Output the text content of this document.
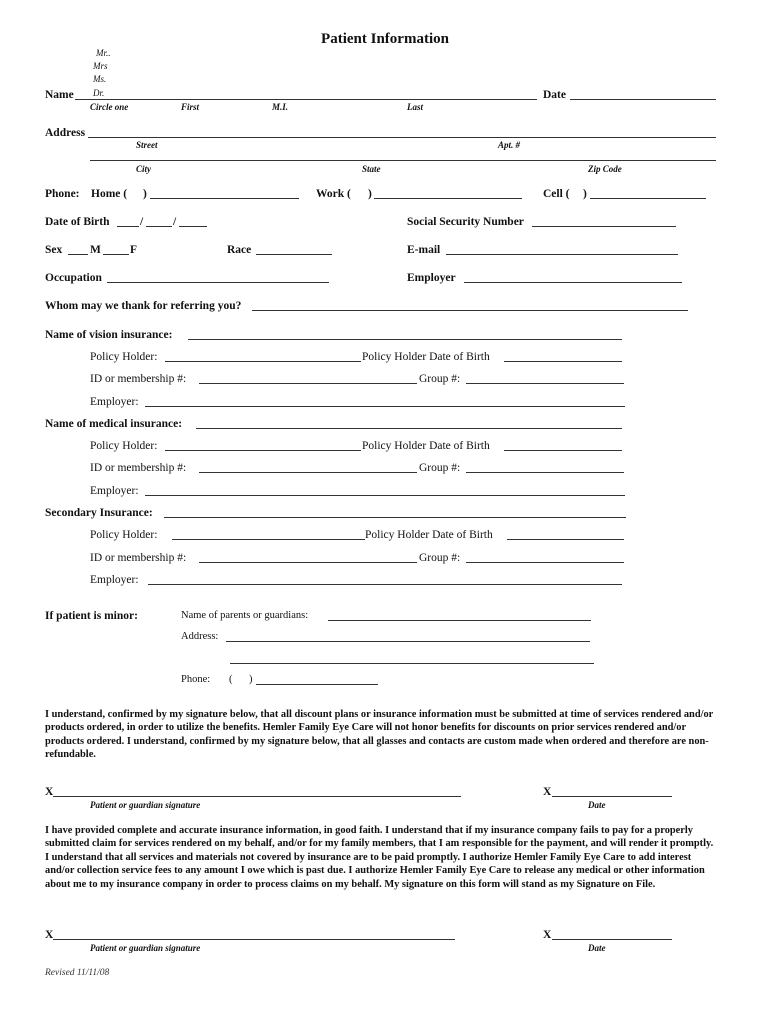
Patient Information
Mr..
Mrs
Ms.
Dr.
Name	Date
Circle one	First	M.I.	Last
Address
Street	Apt. #
City	State	Zip Code
Phone: Home ( )	Work ( )	Cell ( )
Date of Birth	/	/	Social Security Number
Sex M	F	Race	E-mail
Occupation	Employer
Whom may we thank for referring you?
Name of vision insurance:
Policy Holder:	Policy Holder Date of Birth
ID or membership #:	Group #:
Employer:
Name of medical insurance:
Policy Holder:	Policy Holder Date of Birth
ID or membership #:	Group #:
Employer:
Secondary Insurance:
Policy Holder:	Policy Holder Date of Birth
ID or membership #:	Group #:
Employer:
If patient is minor:	Name of parents or guardians:
Address:
Phone: ( )
I understand, confirmed by my signature below, that all discount plans or insurance information must be submitted at time of services rendered and/or products ordered, in order to utilize the benefits. Hemler Family Eye Care will not honor benefits for discounts on prior services rendered and/or products ordered. I understand, confirmed by my signature below, that all glasses and contacts are custom made when ordered and therefore are non-refundable.
X
Patient or guardian signature
X
Date
I have provided complete and accurate insurance information, in good faith. I understand that if my insurance company fails to pay for a properly submitted claim for services rendered on my behalf, and/or for my family members, that I am responsible for the payment, and will render it promptly. I understand that all services and materials not covered by insurance are to be paid promptly. I authorize Hemler Family Eye Care to add interest and/or collection service fees to any amount I owe which is past due. I authorize Hemler Family Eye Care to release any medical or other information about me to my insurance company in order to process claims on my behalf. My signature on this form will stand as my Signature on File.
X
Patient or guardian signature
X
Date
Revised 11/11/08
